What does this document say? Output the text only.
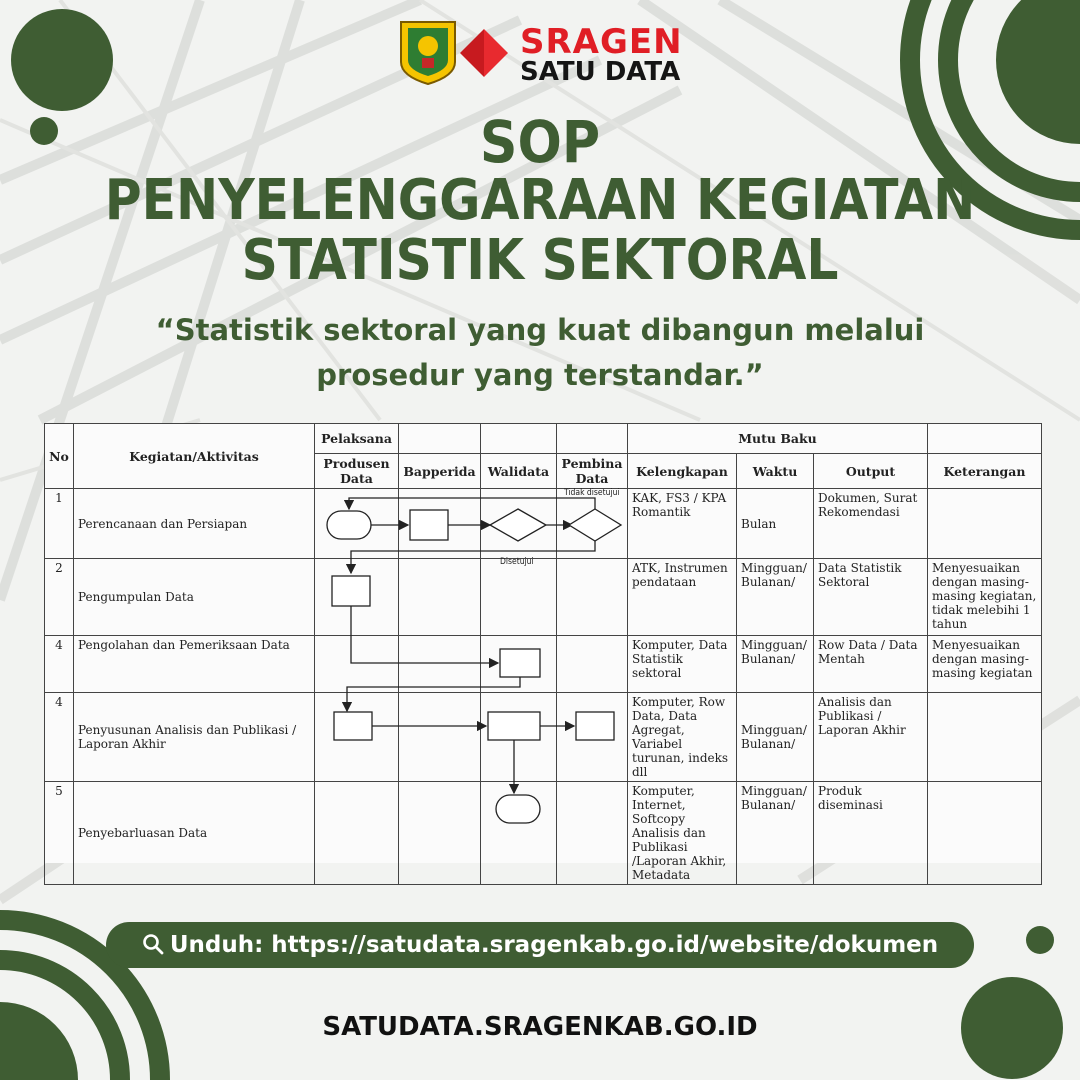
SRAGEN
SATU DATA
SOP
PENYELENGGARAAN KEGIATAN
STATISTIK SEKTORAL
“Statistik sektoral yang kuat dibangun melalui
prosedur yang terstandar.”
No	Kegiatan/Aktivitas	Pelaksana				Mutu Baku			
		Produsen Data	Bapperida	Walidata	Pembina Data	Kelengkapan	Waktu	Output	Keterangan
1	Perencanaan dan Persiapan					KAK, FS3 / KPA Romantik	Bulan	Dokumen, Surat Rekomendasi	
2	Pengumpulan Data					ATK, Instrumen pendataan	Mingguan/ Bulanan/	Data Statistik Sektoral	Menyesuaikan dengan masing-masing kegiatan, tidak melebihi 1 tahun
4	Pengolahan dan Pemeriksaan Data					Komputer, Data Statistik sektoral	Mingguan/ Bulanan/	Row Data / Data Mentah	Menyesuaikan dengan masing-masing kegiatan
4	Penyusunan Analisis dan Publikasi / Laporan Akhir					Komputer, Row Data, Data Agregat, Variabel turunan, indeks dll	Mingguan/ Bulanan/	Analisis dan Publikasi / Laporan Akhir	
5	Penyebarluasan Data					Komputer, Internet, Softcopy Analisis dan Publikasi /Laporan Akhir, Metadata	Mingguan/ Bulanan/	Produk diseminasi	
Tidak disetujui
Disetujui
Unduh: https://satudata.sragenkab.go.id/website/dokumen
SATUDATA.SRAGENKAB.GO.ID
